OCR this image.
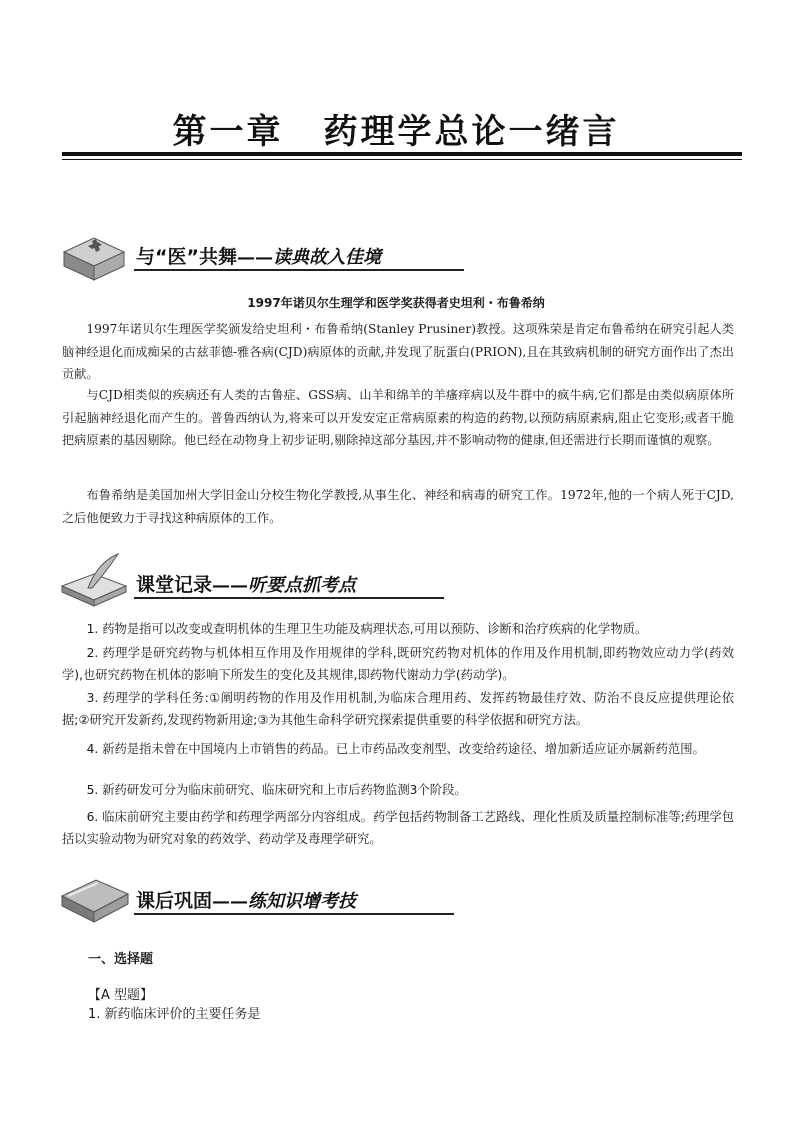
第一章 药理学总论一绪言
与“医”共舞——读典故入佳境
1997年诺贝尔生理学和医学奖获得者史坦利・布鲁希纳

1997年诺贝尔生理医学奖颁发给史坦利・布鲁希纳(Stanley Prusiner)教授。这项殊荣是肯定布鲁希纳在研究引起人类脑神经退化而成痴呆的古兹菲德-雅各病(CJD)病原体的贡献,并发现了朊蛋白(PRION),且在其致病机制的研究方面作出了杰出贡献。

与CJD相类似的疾病还有人类的古鲁症、GSS病、山羊和绵羊的羊瘙痒病以及牛群中的疯牛病,它们都是由类似病原体所引起脑神经退化而产生的。普鲁西纳认为,将来可以开发安定正常病原素的构造的药物,以预防病原素病,阻止它变形;或者干脆把病原素的基因剔除。他已经在动物身上初步证明,剔除掉这部分基因,并不影响动物的健康,但还需进行长期而谨慎的观察。

布鲁希纳是美国加州大学旧金山分校生物化学教授,从事生化、神经和病毒的研究工作。1972年,他的一个病人死于CJD,之后他便致力于寻找这种病原体的工作。

课堂记录——听要点抓考点

1. 药物是指可以改变或查明机体的生理卫生功能及病理状态,可用以预防、诊断和治疗疾病的化学物质。

2. 药理学是研究药物与机体相互作用及作用规律的学科,既研究药物对机体的作用及作用机制,即药物效应动力学(药效学),也研究药物在机体的影响下所发生的变化及其规律,即药物代谢动力学(药动学)。

3. 药理学的学科任务:①阐明药物的作用及作用机制,为临床合理用药、发挥药物最佳疗效、防治不良反应提供理论依据;②研究开发新药,发现药物新用途;③为其他生命科学研究探索提供重要的科学依据和研究方法。

4. 新药是指未曾在中国境内上市销售的药品。已上市药品改变剂型、改变给药途径、增加新适应证亦属新药范围。

5. 新药研发可分为临床前研究、临床研究和上市后药物监测3个阶段。

6. 临床前研究主要由药学和药理学两部分内容组成。药学包括药物制备工艺路线、理化性质及质量控制标准等;药理学包括以实验动物为研究对象的药效学、药动学及毒理学研究。

课后巩固——练知识增考技
一、选择题
【A 型题】
1. 新药临床评价的主要任务是
